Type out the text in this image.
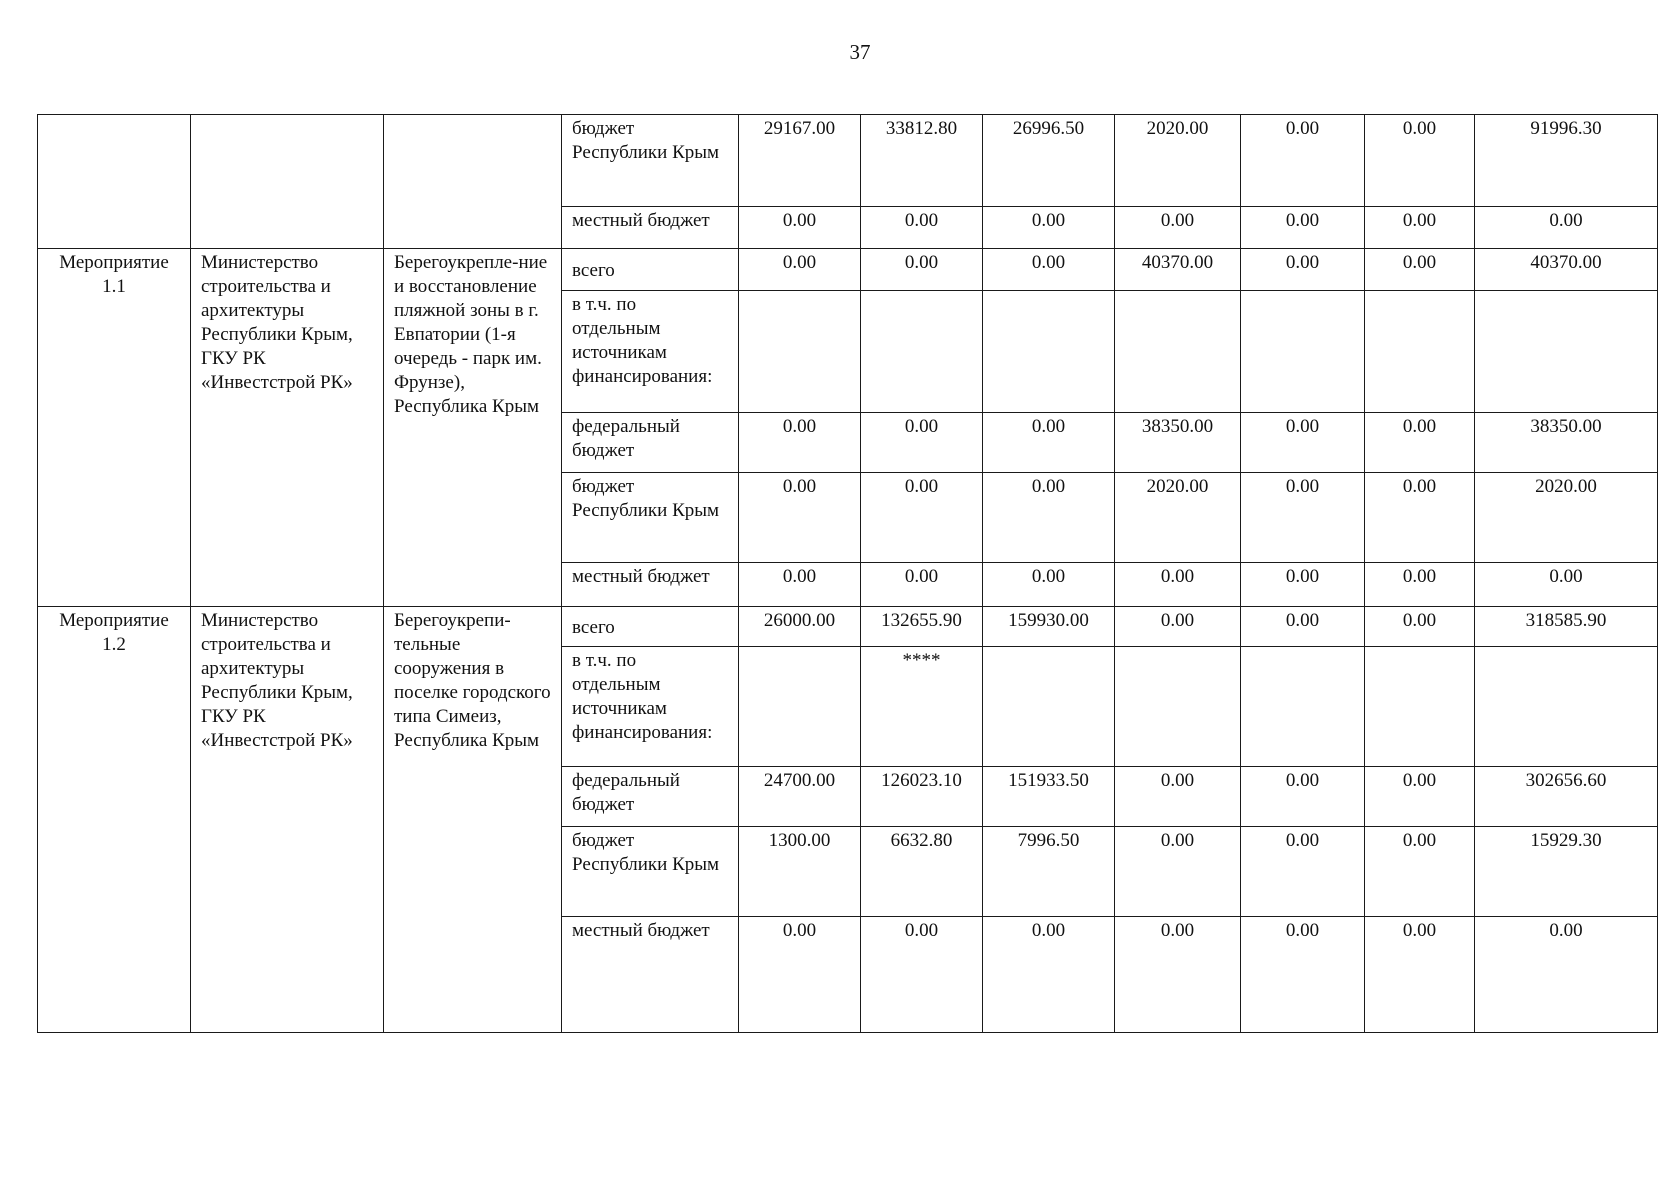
37
			бюджет Республики Крым	29167.00	33812.80	26996.50	2020.00	0.00	0.00	91996.30
			местный бюджет	0.00	0.00	0.00	0.00	0.00	0.00	0.00
Мероприятие 1.1	Министерство строительства и архитектуры Республики Крым, ГКУ РК «Инвестстрой РК»	Берегоукрепле-ние и восстановление пляжной зоны в г. Евпатории (1-я очередь - парк им. Фрунзе), Республика Крым	всего	0.00	0.00	0.00	40370.00	0.00	0.00	40370.00
			в т.ч. по отдельным источникам финансирования:							
			федеральный бюджет	0.00	0.00	0.00	38350.00	0.00	0.00	38350.00
			бюджет Республики Крым	0.00	0.00	0.00	2020.00	0.00	0.00	2020.00
			местный бюджет	0.00	0.00	0.00	0.00	0.00	0.00	0.00
Мероприятие 1.2	Министерство строительства и архитектуры Республики Крым, ГКУ РК «Инвестстрой РК»	Берегоукрепи-тельные сооружения в поселке городского типа Симеиз, Республика Крым	всего	26000.00	132655.90	159930.00	0.00	0.00	0.00	318585.90
			в т.ч. по отдельным источникам финансирования:		****					
			федеральный бюджет	24700.00	126023.10	151933.50	0.00	0.00	0.00	302656.60
			бюджет Республики Крым	1300.00	6632.80	7996.50	0.00	0.00	0.00	15929.30
			местный бюджет	0.00	0.00	0.00	0.00	0.00	0.00	0.00
